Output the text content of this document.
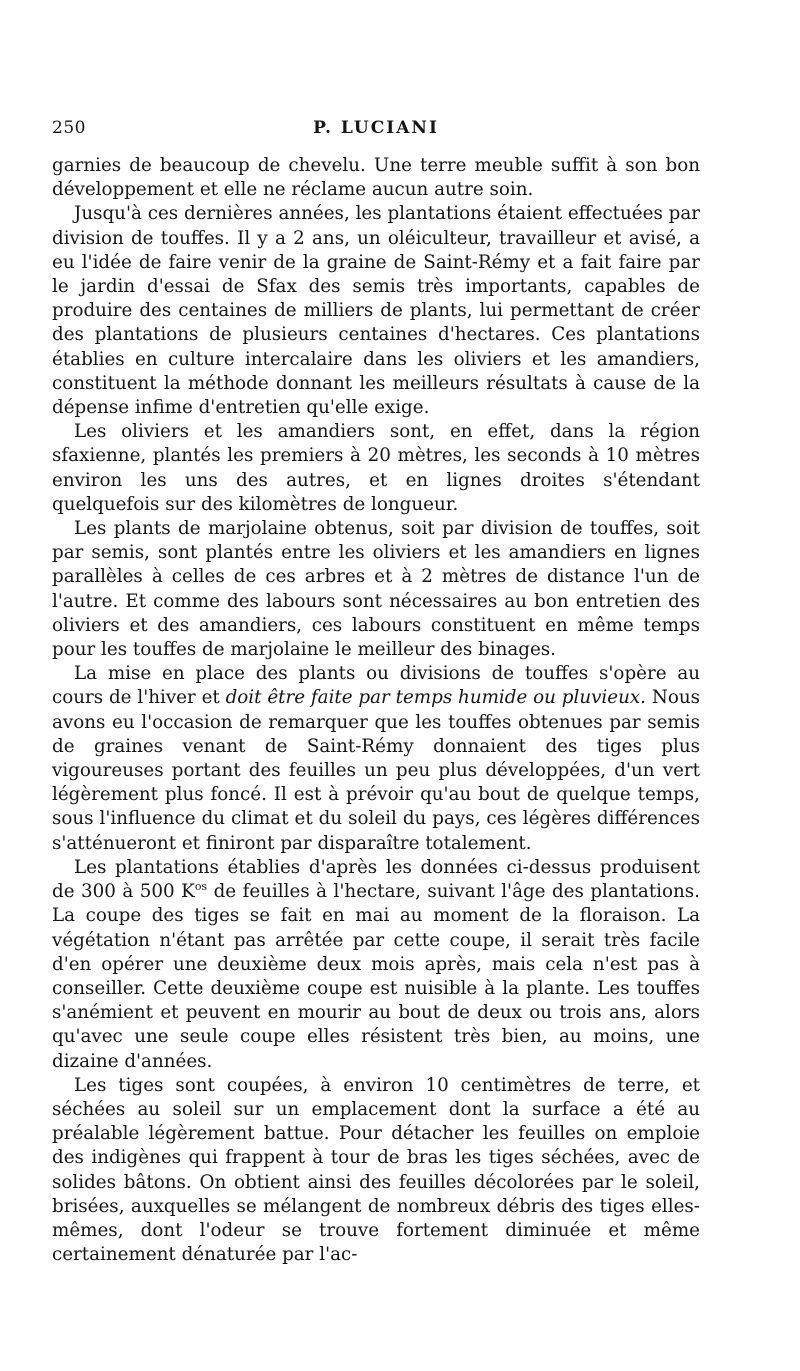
250	P. LUCIANI

garnies de beaucoup de chevelu. Une terre meuble suffit à son bon développement et elle ne réclame aucun autre soin.

Jusqu'à ces dernières années, les plantations étaient effectuées par division de touffes. Il y a 2 ans, un oléiculteur, travailleur et avisé, a eu l'idée de faire venir de la graine de Saint-Rémy et a fait faire par le jardin d'essai de Sfax des semis très importants, capables de produire des centaines de milliers de plants, lui permettant de créer des plantations de plusieurs centaines d'hectares. Ces plantations établies en culture intercalaire dans les oliviers et les amandiers, constituent la méthode donnant les meilleurs résultats à cause de la dépense infime d'entretien qu'elle exige.

Les oliviers et les amandiers sont, en effet, dans la région sfaxienne, plantés les premiers à 20 mètres, les seconds à 10 mètres environ les uns des autres, et en lignes droites s'étendant quelquefois sur des kilomètres de longueur.

Les plants de marjolaine obtenus, soit par division de touffes, soit par semis, sont plantés entre les oliviers et les amandiers en lignes parallèles à celles de ces arbres et à 2 mètres de distance l'un de l'autre. Et comme des labours sont nécessaires au bon entretien des oliviers et des amandiers, ces labours constituent en même temps pour les touffes de marjolaine le meilleur des binages.

La mise en place des plants ou divisions de touffes s'opère au cours de l'hiver et doit être faite par temps humide ou pluvieux. Nous avons eu l'occasion de remarquer que les touffes obtenues par semis de graines venant de Saint-Rémy donnaient des tiges plus vigoureuses portant des feuilles un peu plus développées, d'un vert légèrement plus foncé. Il est à prévoir qu'au bout de quelque temps, sous l'influence du climat et du soleil du pays, ces légères différences s'atténueront et finiront par disparaître totalement.

Les plantations établies d'après les données ci-dessus produisent de 300 à 500 $K^{os}$ de feuilles à l'hectare, suivant l'âge des plantations. La coupe des tiges se fait en mai au moment de la floraison. La végétation n'étant pas arrêtée par cette coupe, il serait très facile d'en opérer une deuxième deux mois après, mais cela n'est pas à conseiller. Cette deuxième coupe est nuisible à la plante. Les touffes s'anémient et peuvent en mourir au bout de deux ou trois ans, alors qu'avec une seule coupe elles résistent très bien, au moins, une dizaine d'années.

Les tiges sont coupées, à environ 10 centimètres de terre, et séchées au soleil sur un emplacement dont la surface a été au préalable légèrement battue. Pour détacher les feuilles on emploie des indigènes qui frappent à tour de bras les tiges séchées, avec de solides bâtons. On obtient ainsi des feuilles décolorées par le soleil, brisées, auxquelles se mélangent de nombreux débris des tiges elles-mêmes, dont l'odeur se trouve fortement diminuée et même certainement dénaturée par l'ac-
